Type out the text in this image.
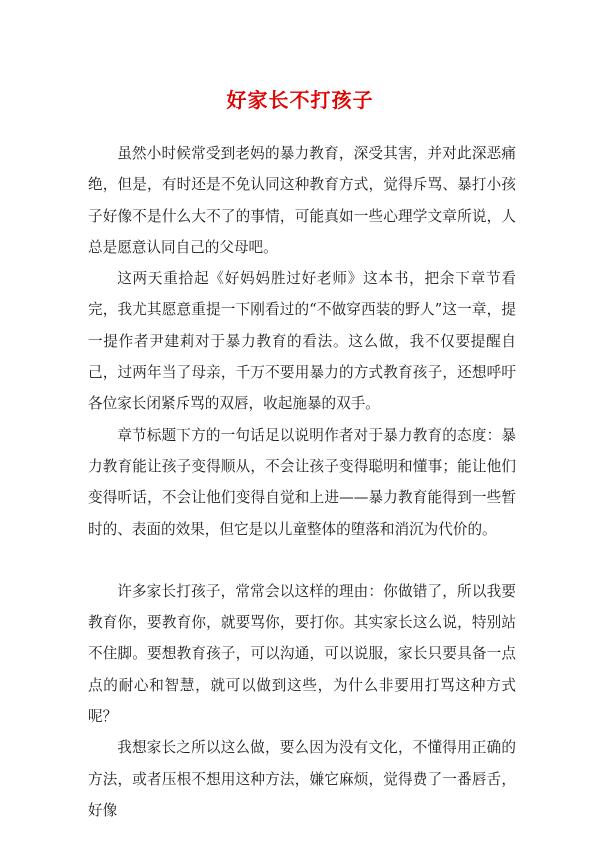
好家长不打孩子

虽然小时候常受到老妈的暴力教育，深受其害，并对此深恶痛绝，但是，有时还是不免认同这种教育方式，觉得斥骂、暴打小孩子好像不是什么大不了的事情，可能真如一些心理学文章所说，人总是愿意认同自己的父母吧。

这两天重拾起《好妈妈胜过好老师》这本书，把余下章节看完，我尤其愿意重提一下刚看过的“不做穿西装的野人”这一章，提一提作者尹建莉对于暴力教育的看法。这么做，我不仅要提醒自己，过两年当了母亲，千万不要用暴力的方式教育孩子，还想呼吁各位家长闭紧斥骂的双唇，收起施暴的双手。

章节标题下方的一句话足以说明作者对于暴力教育的态度：暴力教育能让孩子变得顺从，不会让孩子变得聪明和懂事；能让他们变得听话，不会让他们变得自觉和上进——暴力教育能得到一些暂时的、表面的效果，但它是以儿童整体的堕落和消沉为代价的。

许多家长打孩子，常常会以这样的理由：你做错了，所以我要教育你，要教育你，就要骂你，要打你。其实家长这么说，特别站不住脚。要想教育孩子，可以沟通，可以说服，家长只要具备一点点的耐心和智慧，就可以做到这些，为什么非要用打骂这种方式呢？

我想家长之所以这么做，要么因为没有文化，不懂得用正确的方法，或者压根不想用这种方法，嫌它麻烦，觉得费了一番唇舌，好像
